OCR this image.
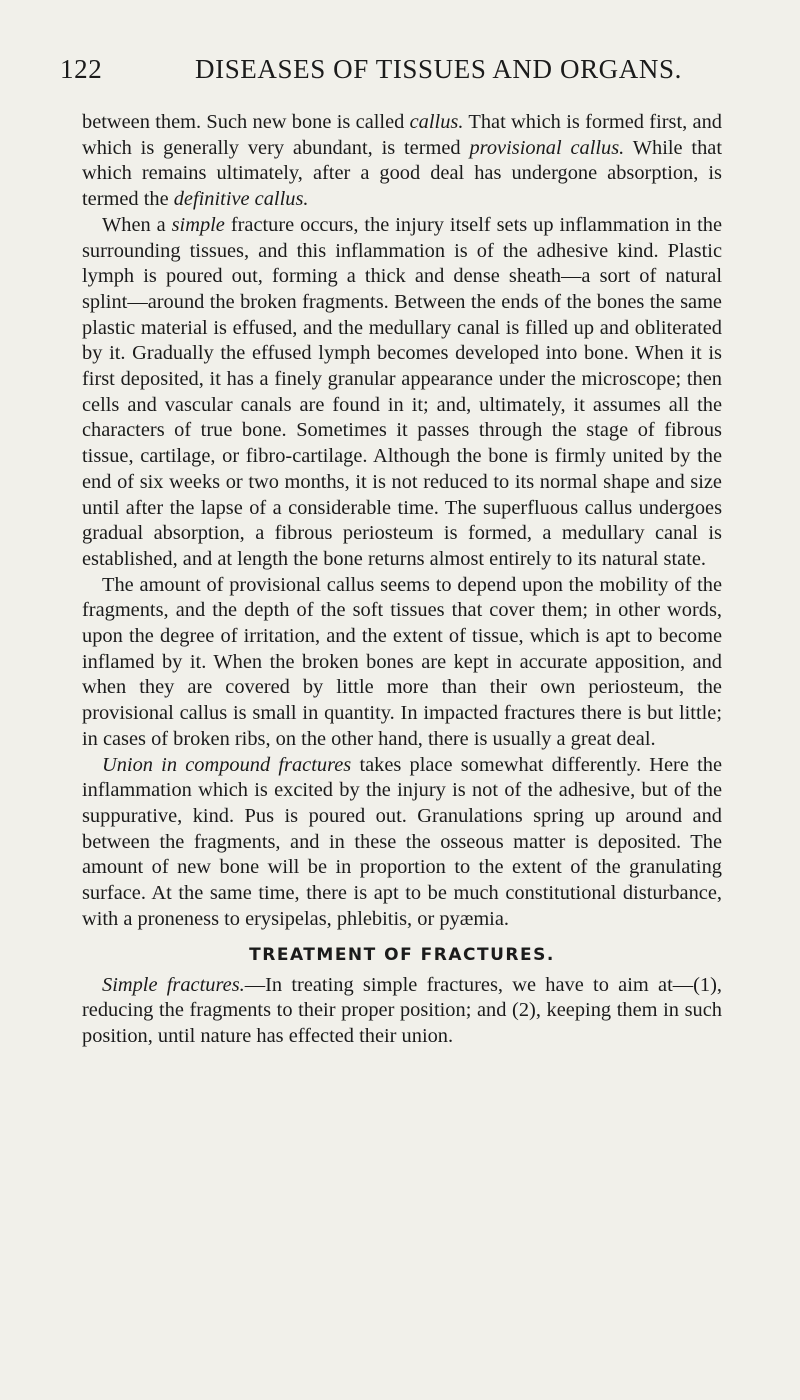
122	DISEASES OF TISSUES AND ORGANS.

between them. Such new bone is called callus. That which is formed first, and which is generally very abundant, is termed provisional callus. While that which remains ultimately, after a good deal has undergone absorption, is termed the definitive callus.

When a simple fracture occurs, the injury itself sets up inflammation in the surrounding tissues, and this inflammation is of the adhesive kind. Plastic lymph is poured out, forming a thick and dense sheath—a sort of natural splint—around the broken fragments. Between the ends of the bones the same plastic material is effused, and the medullary canal is filled up and obliterated by it. Gradually the effused lymph becomes developed into bone. When it is first deposited, it has a finely granular appearance under the microscope; then cells and vascular canals are found in it; and, ultimately, it assumes all the characters of true bone. Sometimes it passes through the stage of fibrous tissue, cartilage, or fibro-cartilage. Although the bone is firmly united by the end of six weeks or two months, it is not reduced to its normal shape and size until after the lapse of a considerable time. The superfluous callus undergoes gradual absorption, a fibrous periosteum is formed, a medullary canal is established, and at length the bone returns almost entirely to its natural state.

The amount of provisional callus seems to depend upon the mobility of the fragments, and the depth of the soft tissues that cover them; in other words, upon the degree of irritation, and the extent of tissue, which is apt to become inflamed by it. When the broken bones are kept in accurate apposition, and when they are covered by little more than their own periosteum, the provisional callus is small in quantity. In impacted fractures there is but little; in cases of broken ribs, on the other hand, there is usually a great deal.

Union in compound fractures takes place somewhat differently. Here the inflammation which is excited by the injury is not of the adhesive, but of the suppurative, kind. Pus is poured out. Granulations spring up around and between the fragments, and in these the osseous matter is deposited. The amount of new bone will be in proportion to the extent of the granulating surface. At the same time, there is apt to be much constitutional disturbance, with a proneness to erysipelas, phlebitis, or pyæmia.

TREATMENT OF FRACTURES.

Simple fractures.—In treating simple fractures, we have to aim at—(1), reducing the fragments to their proper position; and (2), keeping them in such position, until nature has effected their union.
